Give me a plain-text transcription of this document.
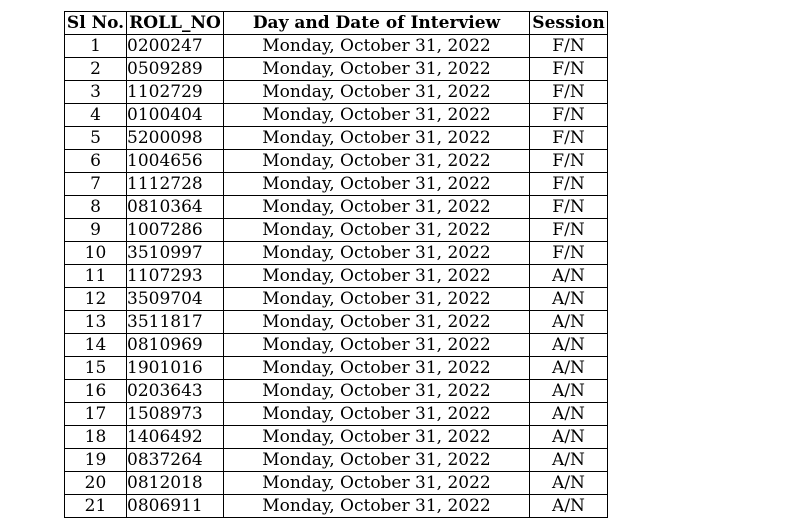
Sl No.	ROLL_NO	Day and Date of Interview	Session
1	0200247	Monday, October 31, 2022	F/N
2	0509289	Monday, October 31, 2022	F/N
3	1102729	Monday, October 31, 2022	F/N
4	0100404	Monday, October 31, 2022	F/N
5	5200098	Monday, October 31, 2022	F/N
6	1004656	Monday, October 31, 2022	F/N
7	1112728	Monday, October 31, 2022	F/N
8	0810364	Monday, October 31, 2022	F/N
9	1007286	Monday, October 31, 2022	F/N
10	3510997	Monday, October 31, 2022	F/N
11	1107293	Monday, October 31, 2022	A/N
12	3509704	Monday, October 31, 2022	A/N
13	3511817	Monday, October 31, 2022	A/N
14	0810969	Monday, October 31, 2022	A/N
15	1901016	Monday, October 31, 2022	A/N
16	0203643	Monday, October 31, 2022	A/N
17	1508973	Monday, October 31, 2022	A/N
18	1406492	Monday, October 31, 2022	A/N
19	0837264	Monday, October 31, 2022	A/N
20	0812018	Monday, October 31, 2022	A/N
21	0806911	Monday, October 31, 2022	A/N
